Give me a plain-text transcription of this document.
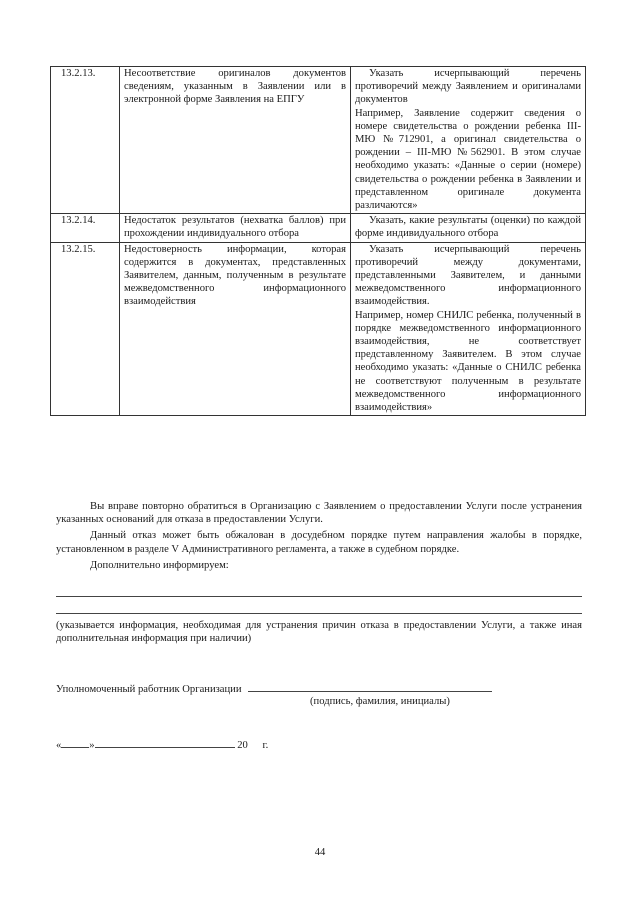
13.2.13.	Несоответствие оригиналов документов сведениям, указанным в Заявлении или в электронной форме Заявления на ЕПГУ	Указать исчерпывающий перечень противоречий между Заявлением и оригиналами документов

Например, Заявление содержит сведения о номере свидетельства о рождении ребенка III-МЮ №712901, а оригинал свидетельства о рождении – III-МЮ №562901. В этом случае необходимо указать: «Данные о серии (номере) свидетельства о рождении ребенка в Заявлении и представленном оригинале документа различаются»

13.2.14.	Недостаток результатов (нехватка баллов) при прохождении индивидуального отбора	Указать, какие результаты (оценки) по каждой форме индивидуального отбора

13.2.15.	Недостоверность информации, которая содержится в документах, представленных Заявителем, данным, полученным в результате межведомственного информационного взаимодействия	Указать исчерпывающий перечень противоречий между документами, представленными Заявителем, и данными межведомственного информационного взаимодействия.

Например, номер СНИЛС ребенка, полученный в порядке межведомственного информационного взаимодействия, не соответствует представленному Заявителем. В этом случае необходимо указать: «Данные о СНИЛС ребенка не соответствуют полученным в результате межведомственного информационного взаимодействия»

Вы вправе повторно обратиться в Организацию с Заявлением о предоставлении Услуги после устранения указанных оснований для отказа в предоставлении Услуги.

Данный отказ может быть обжалован в досудебном порядке путем направления жалобы в порядке, установленном в разделе V Административного регламента, а также в судебном порядке.

Дополнительно информируем:

(указывается информация, необходимая для устранения причин отказа в предоставлении Услуги, а также иная дополнительная информация при наличии)
Уполномоченный работник Организации
(подпись, фамилия, инициалы)
«	»	20 г.
44
